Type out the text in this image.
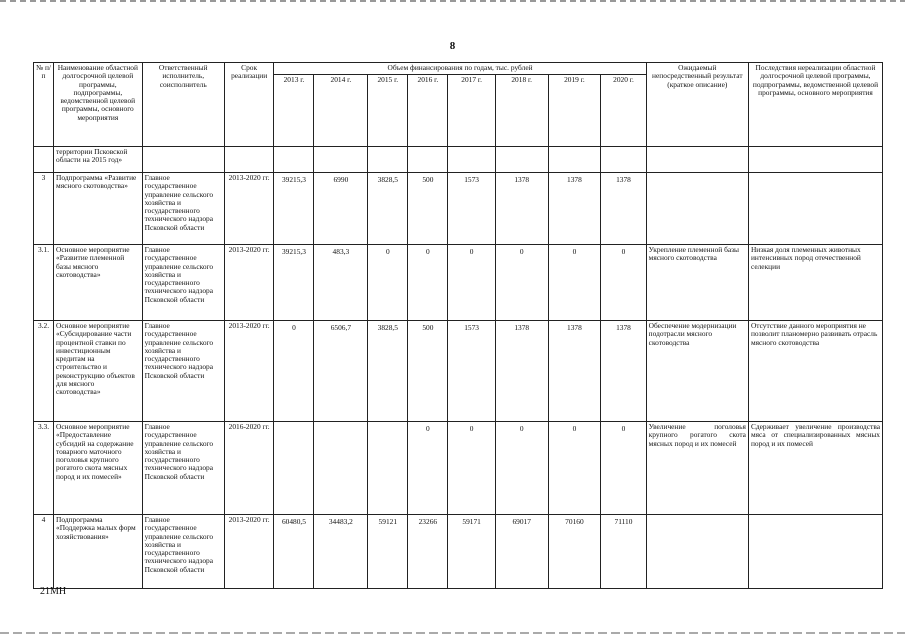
8
№ п/п	Наименование областной долгосрочной целевой программы, подпрограммы, ведомственной целевой программы, основного мероприятия	Ответственный исполнитель, соисполнитель	Срок реализации	Объем финансирования по годам, тыс. рублей								Ожидаемый непосредственный результат (краткое описание)	Последствия нереализации областной долгосрочной целевой программы, подпрограммы, ведомственной целевой программы, основного мероприятия
				2013 г.	2014 г.	2015 г.	2016 г.	2017 г.	2018 г.	2019 г.	2020 г.		
	территории Псковской области на 2015 год»												
3	Подпрограмма «Развитие мясного скотоводства»	Главное государственное управление сельского хозяйства и государственного технического надзора Псковской области	2013-2020 гг.	39215,3	6990	3828,5	500	1573	1378	1378	1378		
3.1.	Основное мероприятие «Развитие племенной базы мясного скотоводства»	Главное государственное управление сельского хозяйства и государственного технического надзора Псковской области	2013-2020 гг.	39215,3	483,3	0	0	0	0	0	0	Укрепление племенной базы мясного скотоводства	Низкая доля племенных животных интенсивных пород отечественной селекции
3.2.	Основное мероприятие «Субсидирование части процентной ставки по инвестиционным кредитам на строительство и реконструкцию объектов для мясного скотоводства»	Главное государственное управление сельского хозяйства и государственного технического надзора Псковской области	2013-2020 гг.	0	6506,7	3828,5	500	1573	1378	1378	1378	Обеспечение модернизации подотрасли мясного скотоводства	Отсутствие данного мероприятия не позволит планомерно развивать отрасль мясного скотоводства
3.3.	Основное мероприятие «Предоставление субсидий на содержание товарного маточного поголовья крупного рогатого скота мясных пород и их помесей»	Главное государственное управление сельского хозяйства и государственного технического надзора Псковской области	2016-2020 гг.				0	0	0	0	0	Увеличение поголовья крупного рогатого скота мясных пород и их помесей	Сдерживает увеличение производства мяса от специализированных мясных пород и их помесей
4	Подпрограмма «Поддержка малых форм хозяйствования»	Главное государственное управление сельского хозяйства и государственного технического надзора Псковской области	2013-2020 гг.	60480,5	34483,2	59121	23266	59171	69017	70160	71110		
21МН
